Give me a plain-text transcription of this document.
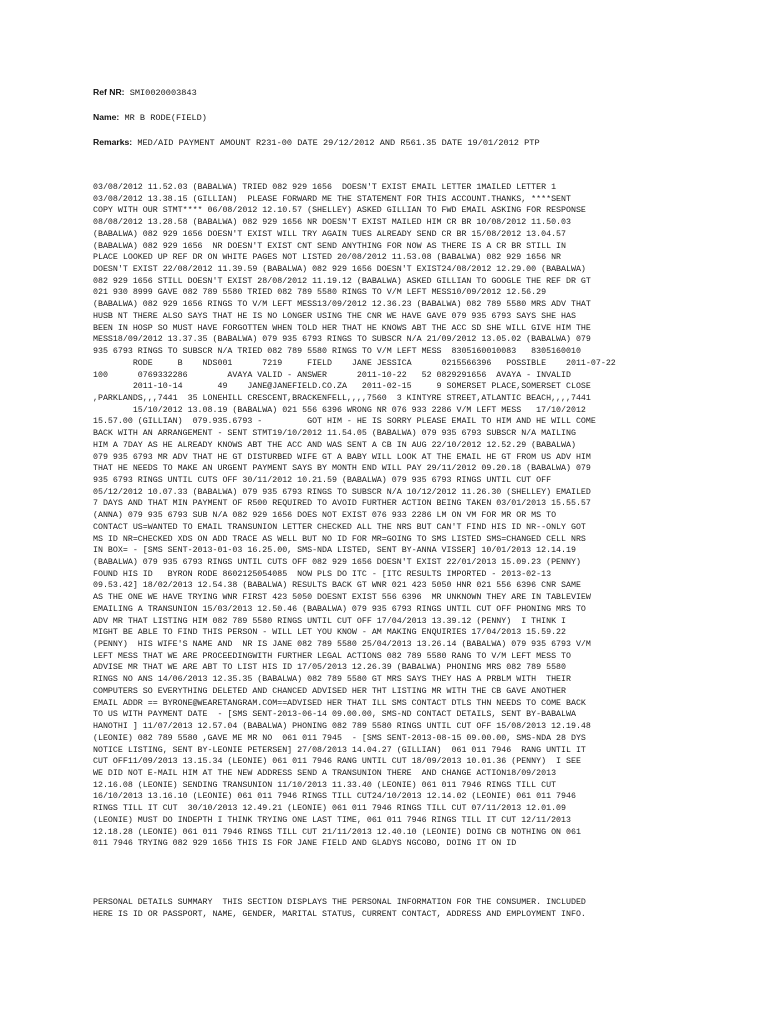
Ref NR: SMI0020003843
Name: MR B RODE(FIELD)
Remarks: MED/AID PAYMENT AMOUNT R231-00 DATE 29/12/2012 AND R561.35 DATE 19/01/2012 PTP
03/08/2012 11.52.03 (BABALWA) TRIED 082 929 1656  DOESN'T EXIST EMAIL LETTER 1MAILED LETTER 1
03/08/2012 13.38.15 (GILLIAN)  PLEASE FORWARD ME THE STATEMENT FOR THIS ACCOUNT.THANKS, ****SENT
COPY WITH OUR STMT**** 06/08/2012 12.10.57 (SHELLEY) ASKED GILLIAN TO FWD EMAIL ASKING FOR RESPONSE
08/08/2012 13.28.58 (BABALWA) 082 929 1656 NR DOESN'T EXIST MAILED HIM CR BR 10/08/2012 11.50.03
(BABALWA) 082 929 1656 DOESN'T EXIST WILL TRY AGAIN TUES ALREADY SEND CR BR 15/08/2012 13.04.57
(BABALWA) 082 929 1656  NR DOESN'T EXIST CNT SEND ANYTHING FOR NOW AS THERE IS A CR BR STILL IN
PLACE LOOKED UP REF DR ON WHITE PAGES NOT LISTED 20/08/2012 11.53.08 (BABALWA) 082 929 1656 NR
DOESN'T EXIST 22/08/2012 11.39.59 (BABALWA) 082 929 1656 DOESN'T EXIST24/08/2012 12.29.00 (BABALWA)
082 929 1656 STILL DOESN'T EXIST 28/08/2012 11.19.12 (BABALWA) ASKED GILLIAN TO GOOGLE THE REF DR GT
021 930 8999 GAVE 082 789 5580 TRIED 082 789 5580 RINGS TO V/M LEFT MESS10/09/2012 12.56.29
(BABALWA) 082 929 1656 RINGS TO V/M LEFT MESS13/09/2012 12.36.23 (BABALWA) 082 789 5580 MRS ADV THAT
HUSB NT THERE ALSO SAYS THAT HE IS NO LONGER USING THE CNR WE HAVE GAVE 079 935 6793 SAYS SHE HAS
BEEN IN HOSP SO MUST HAVE FORGOTTEN WHEN TOLD HER THAT HE KNOWS ABT THE ACC SD SHE WILL GIVE HIM THE
MESS18/09/2012 13.37.35 (BABALWA) 079 935 6793 RINGS TO SUBSCR N/A 21/09/2012 13.05.02 (BABALWA) 079
935 6793 RINGS TO SUBSCR N/A TRIED 082 789 5580 RINGS TO V/M LEFT MESS  8305160010083   8305160010
RODE     B    NDS001      7219     FIELD    JANE JESSICA      0215566396   POSSIBLE    2011-07-22
100      0769332286        AVAYA VALID - ANSWER      2011-10-22   52 0829291656  AVAYA - INVALID
2011-10-14       49    JANE@JANEFIELD.CO.ZA   2011-02-15     9 SOMERSET PLACE,SOMERSET CLOSE
,PARKLANDS,,,7441  35 LONEHILL CRESCENT,BRACKENFELL,,,,7560  3 KINTYRE STREET,ATLANTIC BEACH,,,,7441
15/10/2012 13.08.19 (BABALWA) 021 556 6396 WRONG NR 076 933 2286 V/M LEFT MESS   17/10/2012
15.57.00 (GILLIAN)  079.935.6793 -         GOT HIM - HE IS SORRY PLEASE EMAIL TO HIM AND HE WILL COME
BACK WITH AN ARRANGEMENT - SENT STMT19/10/2012 11.54.05 (BABALWA) 079 935 6793 SUBSCR N/A MAILING
HIM A 7DAY AS HE ALREADY KNOWS ABT THE ACC AND WAS SENT A CB IN AUG 22/10/2012 12.52.29 (BABALWA)
079 935 6793 MR ADV THAT HE GT DISTURBED WIFE GT A BABY WILL LOOK AT THE EMAIL HE GT FROM US ADV HIM
THAT HE NEEDS TO MAKE AN URGENT PAYMENT SAYS BY MONTH END WILL PAY 29/11/2012 09.20.18 (BABALWA) 079
935 6793 RINGS UNTIL CUTS OFF 30/11/2012 10.21.59 (BABALWA) 079 935 6793 RINGS UNTIL CUT OFF
05/12/2012 10.07.33 (BABALWA) 079 935 6793 RINGS TO SUBSCR N/A 10/12/2012 11.26.30 (SHELLEY) EMAILED
7 DAYS AND THAT MIN PAYMENT OF R500 REQUIRED TO AVOID FURTHER ACTION BEING TAKEN 03/01/2013 15.55.57
(ANNA) 079 935 6793 SUB N/A 082 929 1656 DOES NOT EXIST 076 933 2286 LM ON VM FOR MR OR MS TO
CONTACT US=WANTED TO EMAIL TRANSUNION LETTER CHECKED ALL THE NRS BUT CAN'T FIND HIS ID NR--ONLY GOT
MS ID NR=CHECKED XDS ON ADD TRACE AS WELL BUT NO ID FOR MR=GOING TO SMS LISTED SMS=CHANGED CELL NRS
IN BOX= - [SMS SENT-2013-01-03 16.25.00, SMS-NDA LISTED, SENT BY-ANNA VISSER] 10/01/2013 12.14.19
(BABALWA) 079 935 6793 RINGS UNTIL CUTS OFF 082 929 1656 DOESN'T EXIST 22/01/2013 15.09.23 (PENNY)
FOUND HIS ID   BYRON RODE 8602125054085  NOW PLS DO ITC - [ITC RESULTS IMPORTED - 2013-02-13
09.53.42] 18/02/2013 12.54.38 (BABALWA) RESULTS BACK GT WNR 021 423 5050 HNR 021 556 6396 CNR SAME
AS THE ONE WE HAVE TRYING WNR FIRST 423 5050 DOESNT EXIST 556 6396  MR UNKNOWN THEY ARE IN TABLEVIEW
EMAILING A TRANSUNION 15/03/2013 12.50.46 (BABALWA) 079 935 6793 RINGS UNTIL CUT OFF PHONING MRS TO
ADV MR THAT LISTING HIM 082 789 5580 RINGS UNTIL CUT OFF 17/04/2013 13.39.12 (PENNY)  I THINK I
MIGHT BE ABLE TO FIND THIS PERSON - WILL LET YOU KNOW - AM MAKING ENQUIRIES 17/04/2013 15.59.22
(PENNY)  HIS WIFE'S NAME AND  NR IS JANE 082 789 5580 25/04/2013 13.26.14 (BABALWA) 079 935 6793 V/M
LEFT MESS THAT WE ARE PROCEEDINGWITH FURTHER LEGAL ACTIONS 082 789 5580 RANG TO V/M LEFT MESS TO
ADVISE MR THAT WE ARE ABT TO LIST HIS ID 17/05/2013 12.26.39 (BABALWA) PHONING MRS 082 789 5580
RINGS NO ANS 14/06/2013 12.35.35 (BABALWA) 082 789 5580 GT MRS SAYS THEY HAS A PRBLM WITH  THEIR
COMPUTERS SO EVERYTHING DELETED AND CHANCED ADVISED HER THT LISTING MR WITH THE CB GAVE ANOTHER
EMAIL ADDR == BYRONE@WEARETANGRAM.COM==ADVISED HER THAT ILL SMS CONTACT DTLS THN NEEDS TO COME BACK
TO US WITH PAYMENT DATE  - [SMS SENT-2013-06-14 09.00.00, SMS-ND CONTACT DETAILS, SENT BY-BABALWA
HANOTHI ] 11/07/2013 12.57.04 (BABALWA) PHONING 082 789 5580 RINGS UNTIL CUT OFF 15/08/2013 12.19.48
(LEONIE) 082 789 5580 ,GAVE ME MR NO  061 011 7945  - [SMS SENT-2013-08-15 09.00.00, SMS-NDA 28 DYS
NOTICE LISTING, SENT BY-LEONIE PETERSEN] 27/08/2013 14.04.27 (GILLIAN)  061 011 7946  RANG UNTIL IT
CUT OFF11/09/2013 13.15.34 (LEONIE) 061 011 7946 RANG UNTIL CUT 18/09/2013 10.01.36 (PENNY)  I SEE
WE DID NOT E-MAIL HIM AT THE NEW ADDRESS SEND A TRANSUNION THERE  AND CHANGE ACTION18/09/2013
12.16.08 (LEONIE) SENDING TRANSUNION 11/10/2013 11.33.40 (LEONIE) 061 011 7946 RINGS TILL CUT
16/10/2013 13.16.10 (LEONIE) 061 011 7946 RINGS TILL CUT24/10/2013 12.14.02 (LEONIE) 061 011 7946
RINGS TILL IT CUT  30/10/2013 12.49.21 (LEONIE) 061 011 7946 RINGS TILL CUT 07/11/2013 12.01.09
(LEONIE) MUST DO INDEPTH I THINK TRYING ONE LAST TIME, 061 011 7946 RINGS TILL IT CUT 12/11/2013
12.18.28 (LEONIE) 061 011 7946 RINGS TILL CUT 21/11/2013 12.40.10 (LEONIE) DOING CB NOTHING ON 061
011 7946 TRYING 082 929 1656 THIS IS FOR JANE FIELD AND GLADYS NGCOBO, DOING IT ON ID
PERSONAL DETAILS SUMMARY  THIS SECTION DISPLAYS THE PERSONAL INFORMATION FOR THE CONSUMER. INCLUDED
HERE IS ID OR PASSPORT, NAME, GENDER, MARITAL STATUS, CURRENT CONTACT, ADDRESS AND EMPLOYMENT INFO.
